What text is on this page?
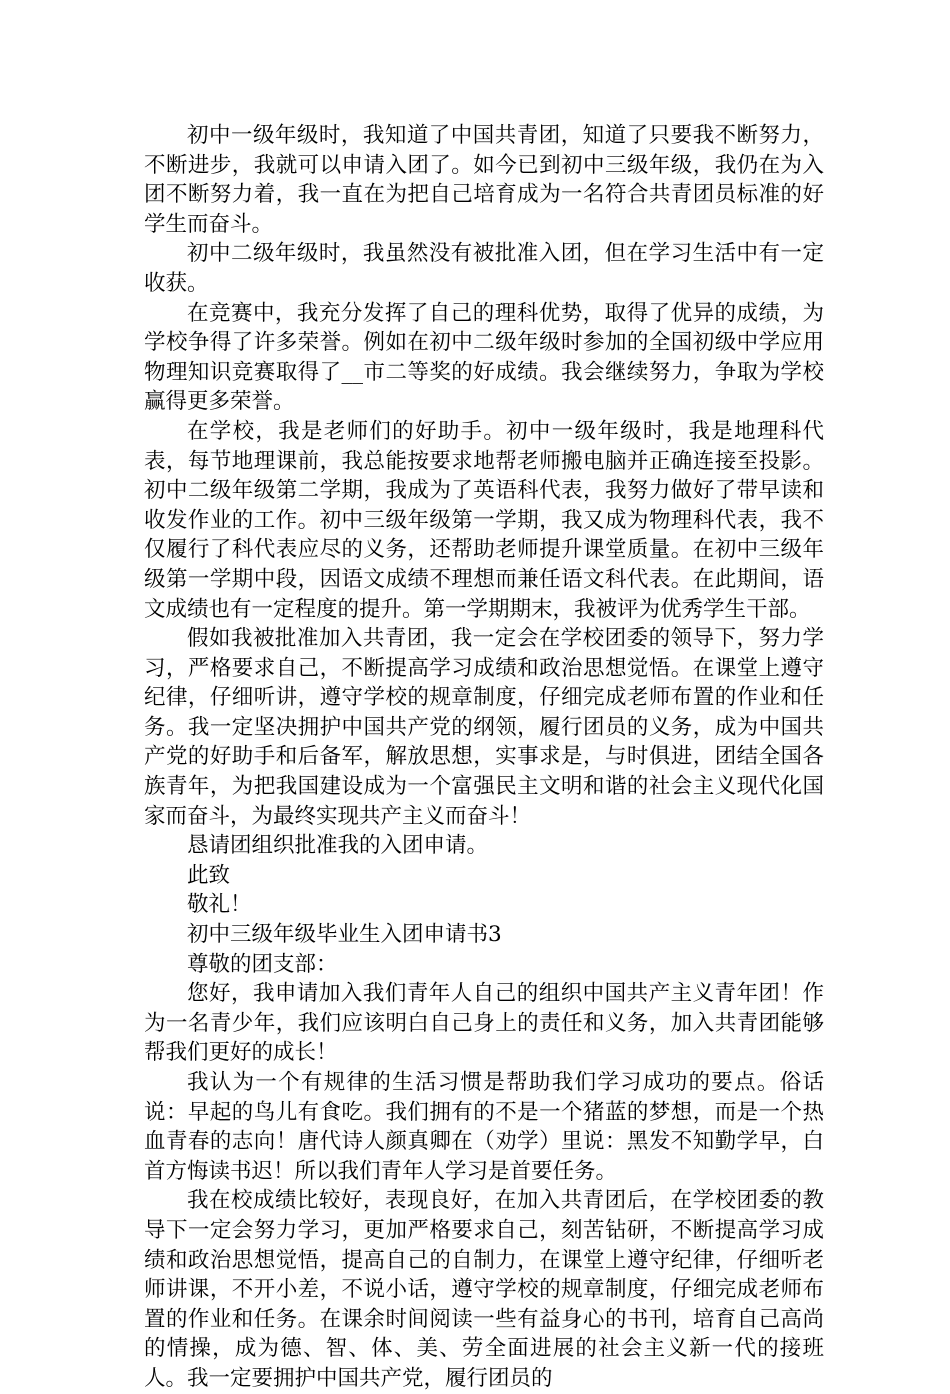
初中一级年级时，我知道了中国共青团，知道了只要我不断努力，不断进步，我就可以申请入团了。如今已到初中三级年级，我仍在为入团不断努力着，我一直在为把自己培育成为一名符合共青团员标准的好学生而奋斗。

初中二级年级时，我虽然没有被批准入团，但在学习生活中有一定收获。

在竞赛中，我充分发挥了自己的理科优势，取得了优异的成绩，为学校争得了许多荣誉。例如在初中二级年级时参加的全国初级中学应用物理知识竞赛取得了__市二等奖的好成绩。我会继续努力，争取为学校赢得更多荣誉。

在学校，我是老师们的好助手。初中一级年级时，我是地理科代表，每节地理课前，我总能按要求地帮老师搬电脑并正确连接至投影。初中二级年级第二学期，我成为了英语科代表，我努力做好了带早读和收发作业的工作。初中三级年级第一学期，我又成为物理科代表，我不仅履行了科代表应尽的义务，还帮助老师提升课堂质量。在初中三级年级第一学期中段，因语文成绩不理想而兼任语文科代表。在此期间，语文成绩也有一定程度的提升。第一学期期末，我被评为优秀学生干部。

假如我被批准加入共青团，我一定会在学校团委的领导下，努力学习，严格要求自己，不断提高学习成绩和政治思想觉悟。在课堂上遵守纪律，仔细听讲，遵守学校的规章制度，仔细完成老师布置的作业和任务。我一定坚决拥护中国共产党的纲领，履行团员的义务，成为中国共产党的好助手和后备军，解放思想，实事求是，与时俱进，团结全国各族青年，为把我国建设成为一个富强民主文明和谐的社会主义现代化国家而奋斗，为最终实现共产主义而奋斗！

恳请团组织批准我的入团申请。

此致

敬礼！

初中三级年级毕业生入团申请书3

尊敬的团支部：

您好，我申请加入我们青年人自己的组织中国共产主义青年团！作为一名青少年，我们应该明白自己身上的责任和义务，加入共青团能够帮我们更好的成长！

我认为一个有规律的生活习惯是帮助我们学习成功的要点。俗话说：早起的鸟儿有食吃。我们拥有的不是一个猪蓝的梦想，而是一个热血青春的志向！唐代诗人颜真卿在（劝学）里说：黑发不知勤学早，白首方悔读书迟！所以我们青年人学习是首要任务。

我在校成绩比较好，表现良好，在加入共青团后，在学校团委的教导下一定会努力学习，更加严格要求自己，刻苦钻研，不断提高学习成绩和政治思想觉悟，提高自己的自制力，在课堂上遵守纪律，仔细听老师讲课，不开小差，不说小话，遵守学校的规章制度，仔细完成老师布置的作业和任务。在课余时间阅读一些有益身心的书刊，培育自己高尚的情操，成为德、智、体、美、劳全面进展的社会主义新一代的接班人。我一定要拥护中国共产党，履行团员的
